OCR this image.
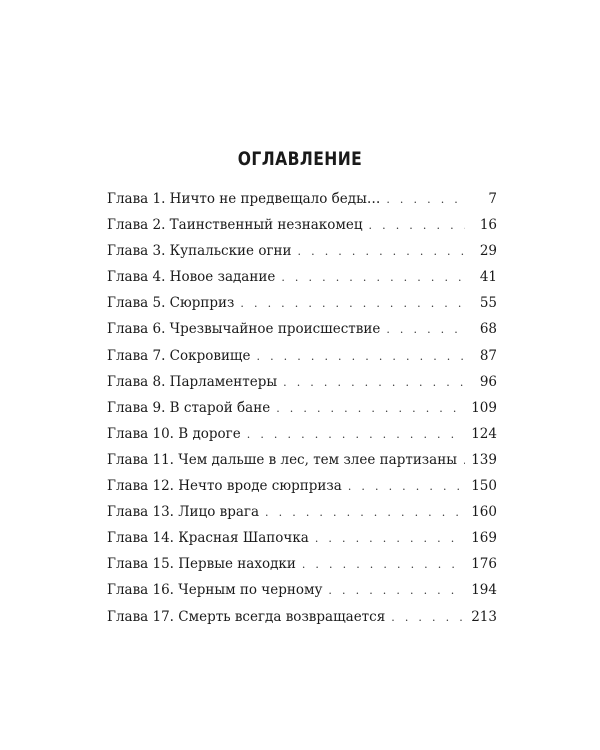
ОГЛАВЛЕНИЕ
Глава 1. Ничто не предвещало беды… . . .	7
Глава 2. Таинственный незнакомец . . .	16
Глава 3. Купальские огни . . .	29
Глава 4. Новое задание . . .	41
Глава 5. Сюрприз . . .	55
Глава 6. Чрезвычайное происшествие . . .	68
Глава 7. Сокровище . . .	87
Глава 8. Парламентеры . . .	96
Глава 9. В старой бане . . .	109
Глава 10. В дороге . . .	124
Глава 11. Чем дальше в лес, тем злее партизаны . . .	139
Глава 12. Нечто вроде сюрприза . . .	150
Глава 13. Лицо врага . . .	160
Глава 14. Красная Шапочка . . .	169
Глава 15. Первые находки . . .	176
Глава 16. Черным по черному . . .	194
Глава 17. Смерть всегда возвращается . . .	213
